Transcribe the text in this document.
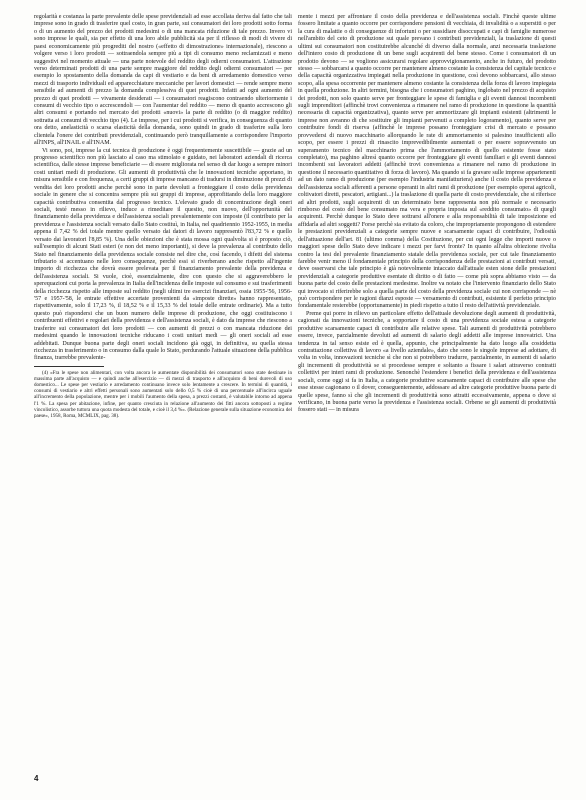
regolarità e costanza la parte prevalente delle spese previdenziali ad esse accollata deriva dal fatto che tali imprese sono in grado di trasferire quel costo, in gran parte, sui consumatori dei loro prodotti sotto forma o di un aumento del prezzo dei prodotti medesimi o di una mancata riduzione di tale prezzo. Invero vi sono imprese le quali, sia per effetto di una loro abile pubblicità sia per il riflesso di modi di vivere di paesi economicamente più progrediti del nostro («effetto di dimostrazione» internazionale), riescono a volgere verso i loro prodotti — sottraendola sempre più a tipi di consumo meno reclamizzati e meno suggestivi nel momento attuale — una parte notevole del reddito degli odierni consumatori. L'attrazione verso determinati prodotti di una parte sempre maggiore del reddito degli odierni consumatori — per esempio lo spostamento della domanda da capi di vestiario e da beni di arredamento domestico verso mezzi di trasporto individuali ed apparecchiature meccaniche per lavori domestici — rende sempre meno sensibile ad aumenti di prezzo la domanda complessiva di quei prodotti. Infatti ad ogni aumento del prezzo di quei prodotti — vivamente desiderati — i consumatori reagiscono contraendo ulteriormente i consumi di vecchio tipo o accrescendoli — con l'aumentar del reddito — meno di quanto accrescono gli altri consumi e portando nel mercato dei prodotti «nuovi» la parte di reddito (o di maggior reddito) sottratta ai consumi di vecchio tipo (4). Le imprese, per i cui prodotti si verifica, in conseguenza di quanto ora detto, anelasticità o scarsa elasticità della domanda, sono quindi in grado di trasferire sulla loro clientela l'onere dei contributi previdenziali, continuando però tranquillamente a corrispondere l'importo all'INPS, all'INAIL e all'INAM.

Vi sono, poi, imprese la cui tecnica di produzione è oggi frequentemente suscettibile — grazie ad un progresso scientifico non più lasciato al caso ma stimolato e guidato, nei laboratori aziendali di ricerca scientifica, dalle stesse imprese beneficiarie — di essere migliorata nel senso di dar luogo a sempre minori costi unitari medi di produzione. Gli aumenti di produttività che le innovazioni tecniche apportano, in misura sensibile e con frequenza, a certi gruppi di imprese mancano di tradursi in diminuzione di prezzi di vendita dei loro prodotti anche perchè sono in parte devoluti a fronteggiare il costo della previdenza sociale in genere che si concentra sempre più sui gruppi di imprese, approfittando della loro maggiore capacità contributiva consentita dal progresso tecnico. L'elevato grado di concentrazione degli oneri sociali, testé messo in rilievo, induce a rimeditare il quesito, non nuovo, dell'opportunità del finanziamento della previdenza e dell'assistenza sociali prevalentemente con imposte (il contributo per la previdenza e l'assistenza sociali versato dallo Stato costituì, in Italia, nel quadriennio 1952-1955, in media appena il 7,42 % del totale mentre quello versato dai datori di lavoro rappresentò l'83,72 % e quello versato dai lavoratori l'8,85 %). Una delle obiezioni che è stata mossa ogni qualvolta si è proposto ciò, sull'esempio di alcuni Stati esteri (e non dei meno importanti), si deve la prevalenza al contributo dello Stato nel finanziamento della previdenza sociale consiste nel dire che, così facendo, i difetti del sistema tributario si accentuano nelle loro conseguenze, perchè essi si riverberano anche rispetto all'ingente importo di ricchezza che dovrà essere prelevata per il finanziamento prevalente della previdenza e dell'assistenza sociali. Si vuole, cioè, essenzialmente, dire con questo che si aggraverebbero le sperequazioni cui porta la prevalenza in Italia dell'incidenza delle imposte sul consumo e sui trasferimenti della ricchezza rispetto alle imposte sul reddito (negli ultimi tre esercizi finanziari, ossia 1955-'56, 1956-'57 e 1957-'58, le entrate effettive accertate provenienti da «imposte dirette» hanno rappresentato, rispettivamente, solo il 17,23 %, il 18,52 % e il 15,33 % del totale delle entrate ordinarie). Ma a tutto questo può rispondersi che un buon numero delle imprese di produzione, che oggi costituiscono i contribuenti effettivi e regolari della previdenza e dell'assistenza sociali, è dato da imprese che riescono a trasferire sui consumatori dei loro prodotti — con aumenti di prezzi o con mancata riduzione dei medesimi quando le innovazioni tecniche riducano i costi unitari medi — gli oneri sociali ad esse addebitati. Dunque buona parte degli oneri sociali incidono già oggi, in definitiva, su quella stessa ricchezza in trasferimento o in consumo dalla quale lo Stato, perdurando l'attuale situazione della pubblica finanza, trarrebbe prevalente-

(4) «Fra le spese non alimentari, con volta ancora le aumentate disponibilità dei consumatori sono state destinate in massima parte all'acquisto — e quindi anche all'esercizio — di mezzi di trasporto e all'acquisto di beni durevoli di uso domestico... Le spese per vestiario e arredamento continuano invece solo lentamente a crescere. In termini di quantità, i consumi di vestiario e altri effetti personali sono aumentati solo dello 0,5 % cioè di una percentuale all'incirca uguale all'incremento della popolazione, mentre per i mobili l'aumento della spesa, a prezzi costanti, è valutabile intorno ad appena l'1 %. La spesa per abitazione, infine, per quanto cresciuta in relazione all'aumento dei fitti ancora sottoposti a regime vincolistico, assorbe tuttora una quota modesta del totale, e cioè il 3,4 %». (Relazione generale sulla situazione economica del paese», 1958, Roma, MCMLIX, pag. 38).

mente i mezzi per affrontare il costo della previdenza e dell'assistenza sociali. Finchè queste ultime fossero limitate a quanto occorre per corrispondere pensioni di vecchiaia, di invalidità o a superstiti o per la cura di malattie o di conseguenze di infortuni o per sussidiare disoccupati e capi di famiglie numerose nell'ambito del ceto di produzione sui quale prevano i contributi previdenziali, la traslazione di questi ultimi sui consumatori non costituirebbe alcunché di diverso dalla normale, anzi necessaria traslazione dell'intero costo di produzione di un bene sugli acquirenti del bene stesso. Come i consumatori di un prodotto devono — se vogliono assicurarsi regolare approvvigionamento, anche in futuro, del prodotto stesso — sobbarcarsi a quanto occorre per mantenere almeno costante la consistenza del capitale tecnico e della capacità organizzativa impiegati nella produzione in questione, così devono sobbarcarsi, allo stesso scopo, alla spesa occorrente per mantenere almeno costante la consistenza della forza di lavoro impiegata in quella produzione. In altri termini, bisogna che i consumatori paghino, inglobato nel prezzo di acquisto dei prodotti, non solo quanto serve per fronteggiare le spese di famiglia e gli eventi dannosi incombenti sugli imprenditori (affinchè trovi convenienza a rimanere nel ramo di produzione in questione la quantità necessaria di capacità organizzativa), quanto serve per ammortizzare gli impianti esistenti (altrimenti le imprese non avranno di che sostituire gli impianti pervenuti a completo logoramento), quanto serve per contribuire fondi di riserva (affinchè le imprese possano fronteggiare crisi di mercato e possano provvedersi di nuovo macchinario allorquando le rate di ammortamento si palesino insufficienti allo scopo, per essere i prezzi di rinascito imprevedibilmente aumentati o per essere sopravvenuto un superamento tecnico del macchinario prima che l'ammortamento di quello esistente fosse stato completato), ma paghino altresì quanto occorre per fronteggiare gli eventi familiari e gli eventi dannosi incombenti sui lavoratori addetti (affinchè trovi convenienza a rimanere nel ramo di produzione in questione il necessario quantitativo di forza di lavoro). Ma quando si fa gravare sulle imprese appartenenti ad un dato ramo di produzione (per esempio l'industria manifatturiera) anche il costo della previdenza e dell'assistenza sociali afferenti a persone operanti in altri rami di produzione (per esempio operai agricoli, coltivatori diretti, pescatori, artigiani...) la traslazione di quella parte di costo previdenziale, che si riferisce ad altri prodotti, sugli acquirenti di un determinato bene rappresenta non più normale e necessario rimborso del costo del bene consumato ma vera e propria imposta sul «reddito consumato» di quegli acquirenti. Perchè dunque lo Stato deve sottrarsi all'onere e alla responsabilità di tale imposizione ed affidarla ad altri soggetti? Forse perchè sia evitato da coloro, che impropriamente propongono di estendere le prestazioni previdenziali a categorie sempre nuove e scarsamente capaci di contribuire, l'odiosità dell'attuazione dell'art. 81 (ultimo comma) della Costituzione, per cui ogni legge che importi nuove o maggiori spese dello Stato deve indicare i mezzi per farvi fronte? In quanto all'altra obiezione rivolta contro la tesi del prevalente finanziamento statale della previdenza sociale, per cui tale finanziamento farebbe venir meno il fondamentale principio della corrispondenza delle prestazioni ai contributi versati, deve osservarsi che tale principio è già notevolmente intaccato dall'attuale esten sione delle prestazioni previdenziali a categorie produttive esentate di diritto o di fatto — come più sopra abbiamo visto — da buona parte del costo delle prestazioni medesime. Inoltre va notato che l'intervento finanziario dello Stato qui invocato si riferirebbe solo a quella parte del costo della previdenza sociale cui non corrisponde — nè può corrispondere per le ragioni dianzi esposte — versamento di contributi, esistente il perfetto principio fondamentale resterebbe (opportunamente) in piedi rispetto a tutto il resto dell'attività previdenziale.

Preme qui porre in rilievo un particolare effetto dell'attuale devoluzione degli aumenti di produttività, cagionati da innovazioni tecniche, a sopportare il costo di una previdenza sociale estesa a categorie produttive scarsamente capaci di contribuire alle relative spese. Tali aumenti di produttività potrebbero essere, invece, parzialmente devoluti ad aumenti di salario degli addetti alle imprese innovatrici. Una tendenza in tal senso esiste ed è quella, appunto, che principalmente ha dato luogo alla cosiddetta contrattazione collettiva di lavoro «a livello aziendale», dato che sono le singole imprese ad adottare, di volta in volta, innovazioni tecniche sì che non si potrebbero tradurre, parzialmente, in aumenti di salario gli incrementi di produttività se si procedesse sempre e soltanto a fissare i salari attraverso contratti collettivi per interi rami di produzione. Senonchè l'estendere i benefici della previdenza e dell'assistenza sociali, come oggi si fa in Italia, a categorie produttive scarsamente capaci di contribuire alle spese che esse stesse cagionano o il dover, conseguentemente, addossare ad altre categorie produttive buona parte di quelle spese, fanno sì che gli incrementi di produttività sono attratti eccessivamente, appena o dove si verificano, in buona parte verso la previdenza e l'assistenza sociali. Orbene se gli aumenti di produttività fossero stati — in misura

4
